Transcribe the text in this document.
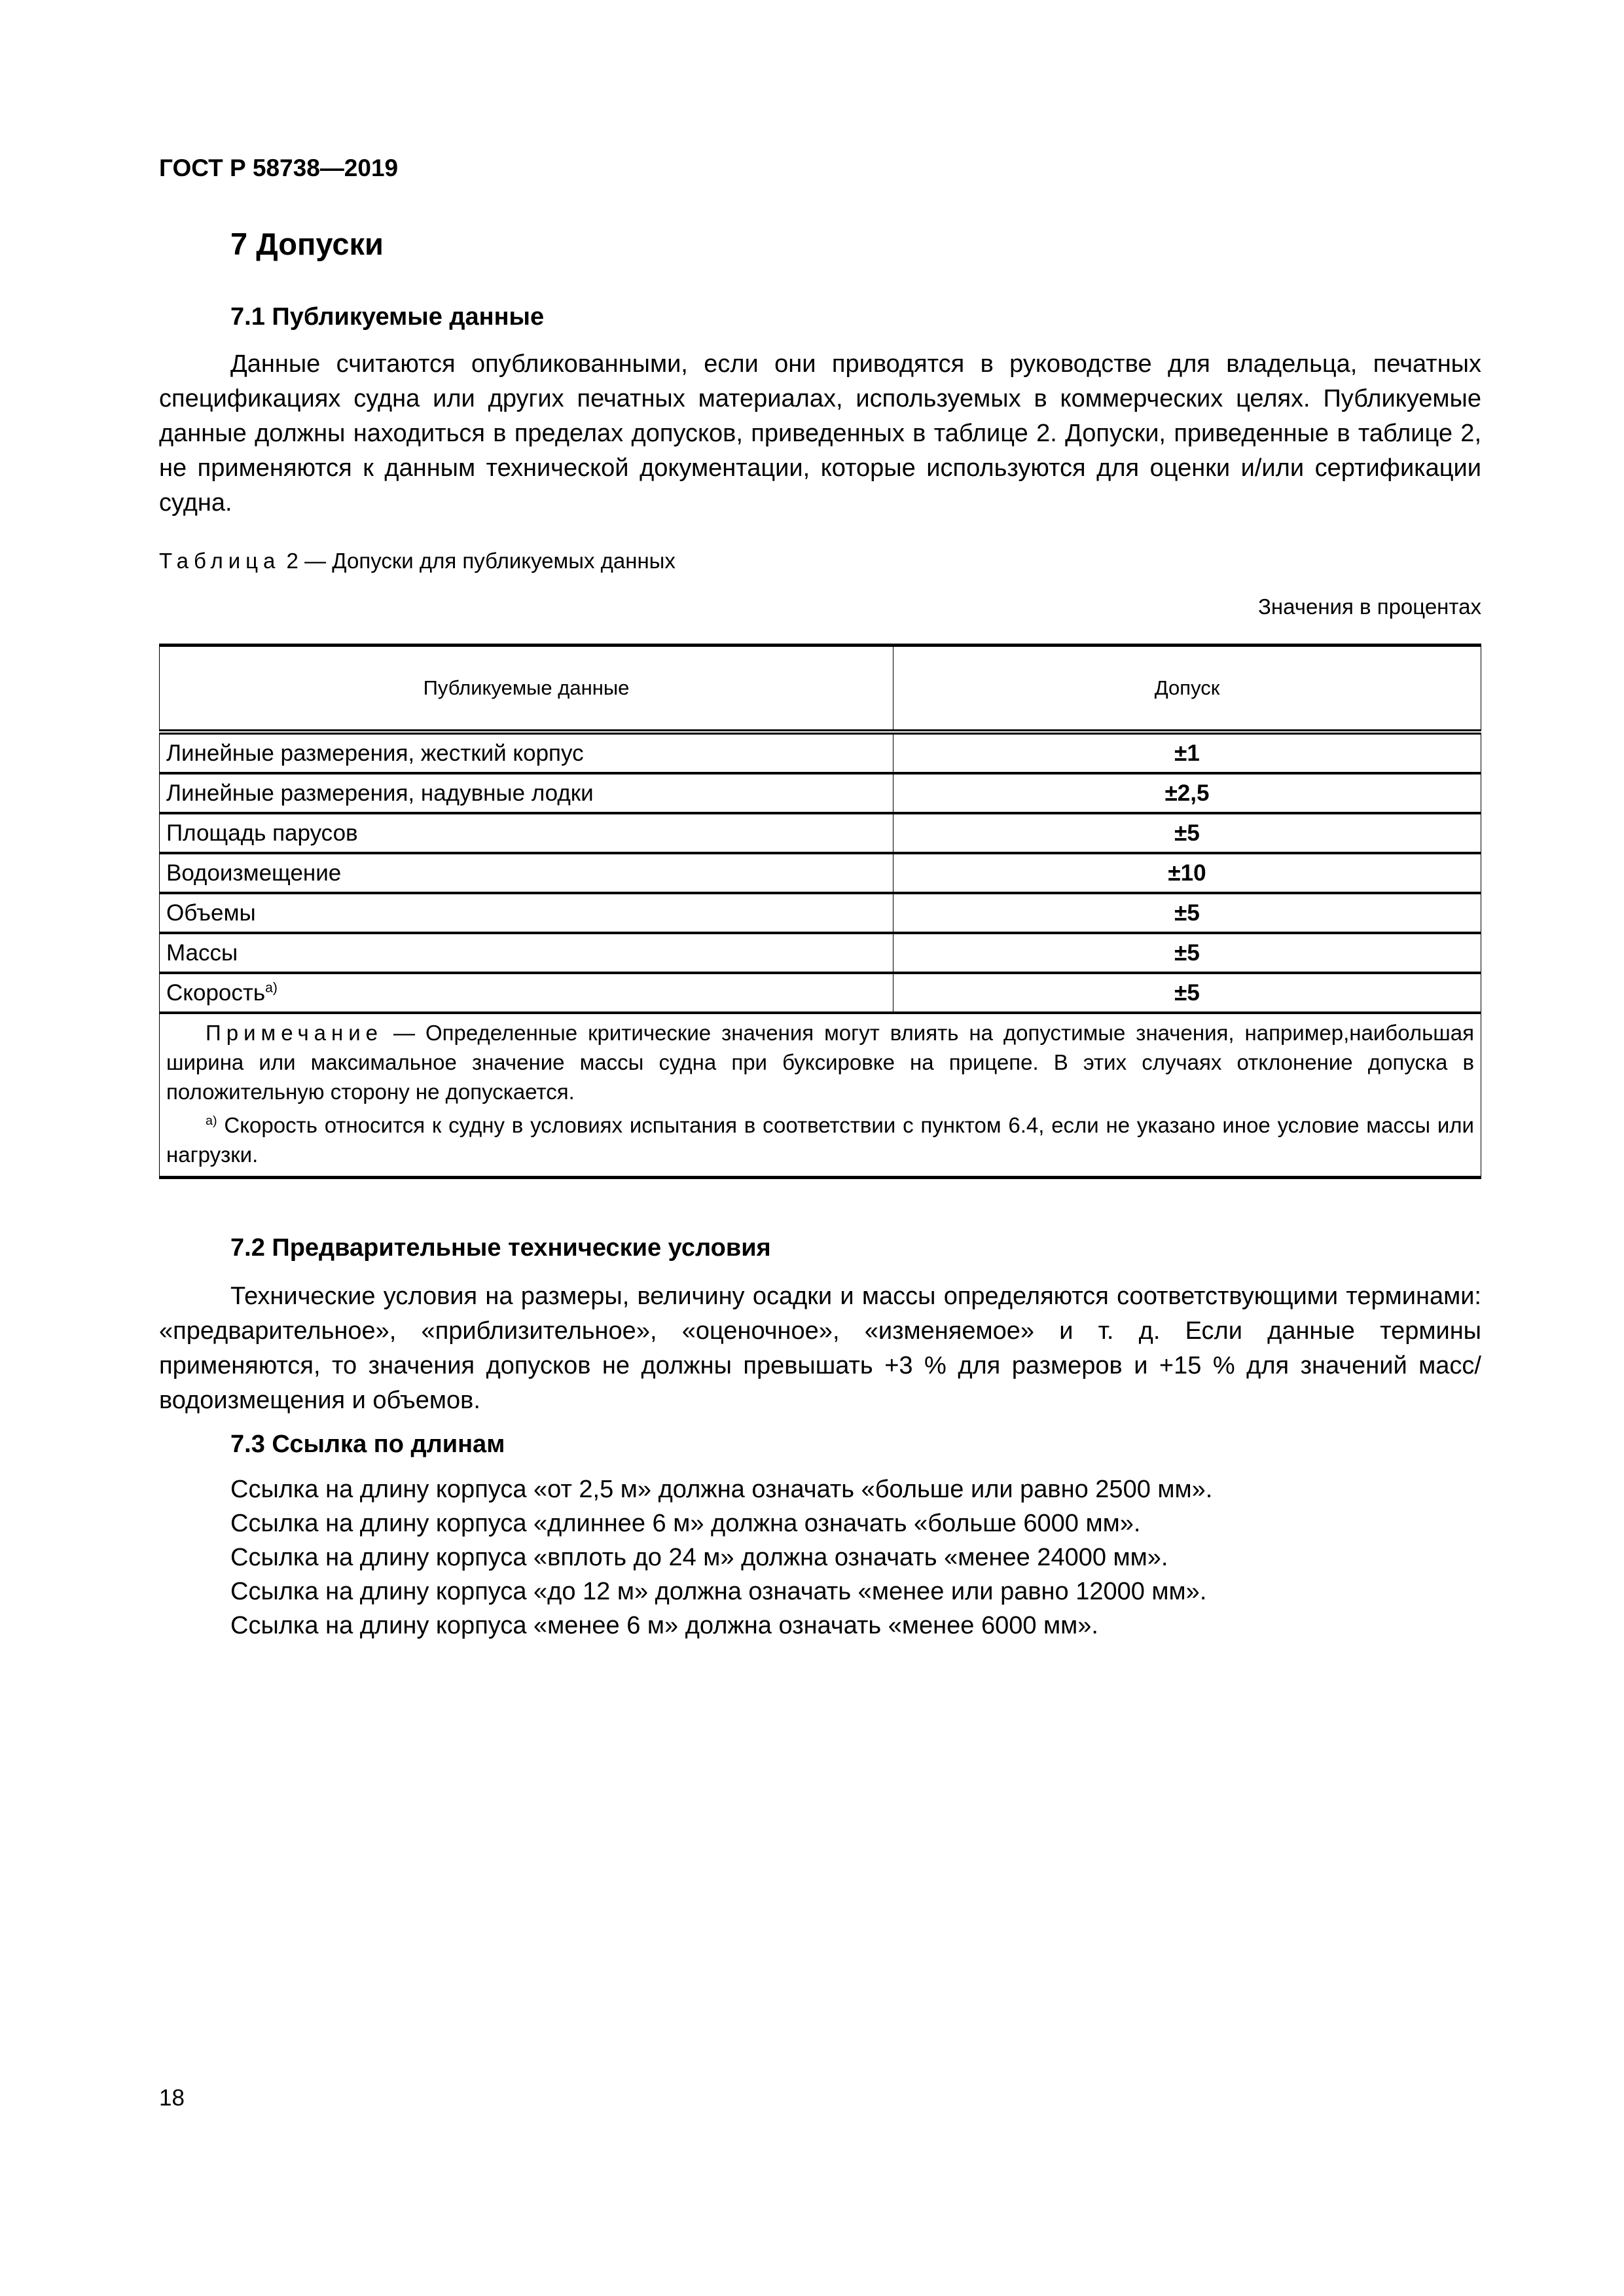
ГОСТ Р 58738—2019
7 Допуски
7.1 Публикуемые данные

Данные считаются опубликованными, если они приводятся в руководстве для владельца, печатных спецификациях судна или других печатных материалах, используемых в коммерческих целях. Публикуемые данные должны находиться в пределах допусков, приведенных в таблице 2. Допуски, приведенные в таблице 2, не применяются к данным технической документации, которые используются для оценки и/или сертификации судна.

Таблица 2 — Допуски для публикуемых данных
Значения в процентах
Публикуемые данные	Допуск
Линейные размерения, жесткий корпус	±1
Линейные размерения, надувные лодки	±2,5
Площадь парусов	±5
Водоизмещение	±10
Объемы	±5
Массы	±5
Скорость$^{a)}$	±5

Примечание — Определенные критические значения могут влиять на допустимые значения, например,наибольшая ширина или максимальное значение массы судна при буксировке на прицепе. В этих случаях отклонение допуска в положительную сторону не допускается.

$^{a)}$ Скорость относится к судну в условиях испытания в соответствии с пунктом 6.4, если не указано иное условие массы или нагрузки.	

7.2 Предварительные технические условия

Технические условия на размеры, величину осадки и массы определяются соответствующими терминами: «предварительное», «приблизительное», «оценочное», «изменяемое» и т. д. Если данные термины применяются, то значения допусков не должны превышать +3 % для размеров и +15 % для значений масс/водоизмещения и объемов.

7.3 Ссылка по длинам
Ссылка на длину корпуса «от 2,5 м» должна означать «больше или равно 2500 мм».
Ссылка на длину корпуса «длиннее 6 м» должна означать «больше 6000 мм».
Ссылка на длину корпуса «вплоть до 24 м» должна означать «менее 24000 мм».
Ссылка на длину корпуса «до 12 м» должна означать «менее или равно 12000 мм».
Ссылка на длину корпуса «менее 6 м» должна означать «менее 6000 мм».
18
